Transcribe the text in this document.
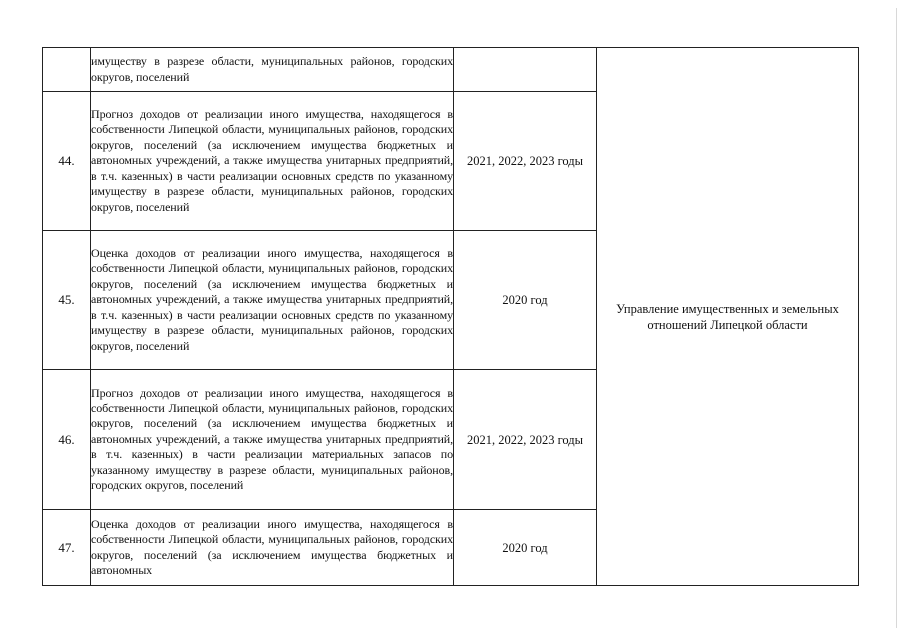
	имуществу в разрезе области, муниципальных районов, городских округов, поселений		Управление имущественных и земельных отношений Липецкой области
44.	Прогноз доходов от реализации иного имущества, находящегося в собственности Липецкой области, муниципальных районов, городских округов, поселений (за исключением имущества бюджетных и автономных учреждений, а также имущества унитарных предприятий, в т.ч. казенных) в части реализации основных средств по указанному имуществу в разрезе области, муниципальных районов, городских округов, поселений	2021, 2022, 2023 годы	
45.	Оценка доходов от реализации иного имущества, находящегося в собственности Липецкой области, муниципальных районов, городских округов, поселений (за исключением имущества бюджетных и автономных учреждений, а также имущества унитарных предприятий, в т.ч. казенных) в части реализации основных средств по указанному имуществу в разрезе области, муниципальных районов, городских округов, поселений	2020 год	
46.	Прогноз доходов от реализации иного имущества, находящегося в собственности Липецкой области, муниципальных районов, городских округов, поселений (за исключением имущества бюджетных и автономных учреждений, а также имущества унитарных предприятий, в т.ч. казенных) в части реализации материальных запасов по указанному имуществу в разрезе области, муниципальных районов, городских округов, поселений	2021, 2022, 2023 годы	
47.	Оценка доходов от реализации иного имущества, находящегося в собственности Липецкой области, муниципальных районов, городских округов, поселений (за исключением имущества бюджетных и автономных	2020 год	
